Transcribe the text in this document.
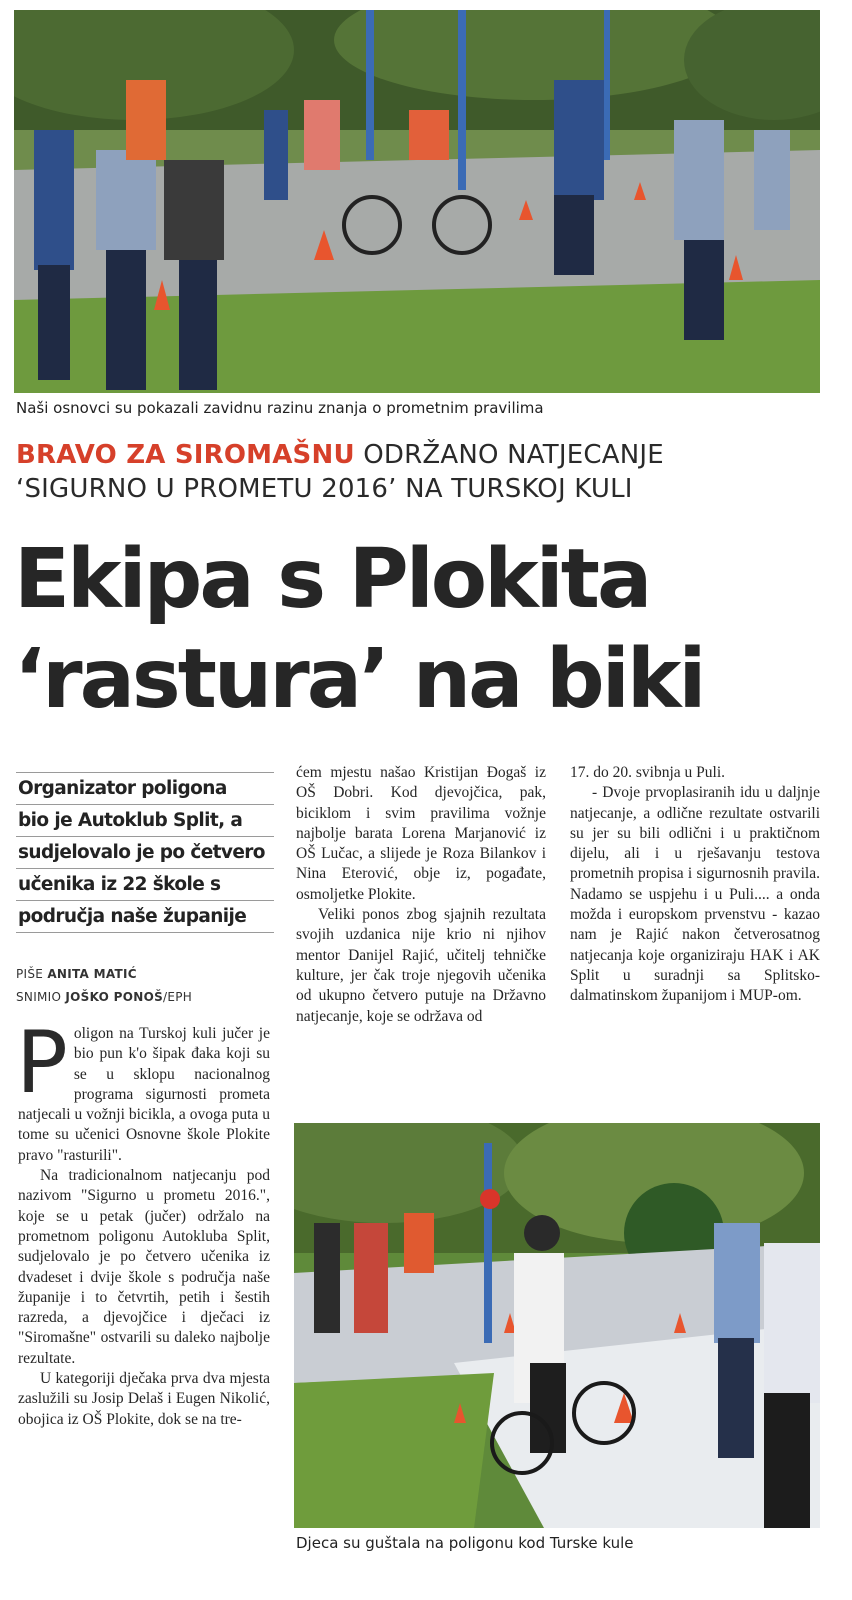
Naši osnovci su pokazali zavidnu razinu znanja o prometnim pravilima
BRAVO ZA SIROMAŠNU ODRŽANO NATJECANJE
‘SIGURNO U PROMETU 2016’ NA TURSKOJ KULI
Ekipa s Plokita
‘rastura’ na biki
Organizator poligona
bio je Autoklub Split, a
sudjelovalo je po četvero
učenika iz 22 škole s
područja naše županije
PIŠE ANITA MATIĆ
SNIMIO JOŠKO PONOŠ/EPH

Poligon na Turskoj kuli jučer je bio pun k'o šipak đaka koji su se u sklopu nacionalnog programa sigurnosti prometa natjecali u vožnji bicikla, a ovoga puta u tome su učenici Osnovne škole Plokite pravo "rasturili".

Na tradicionalnom natjecanju pod nazivom "Sigurno u prometu 2016.", koje se u petak (jučer) održalo na prometnom poligonu Autokluba Split, sudjelovalo je po četvero učenika iz dvadeset i dvije škole s područja naše županije i to četvrtih, petih i šestih razreda, a djevojčice i dječaci iz "Siromašne" ostvarili su daleko najbolje rezultate.

U kategoriji dječaka prva dva mjesta zaslužili su Josip Delaš i Eugen Nikolić, obojica iz OŠ Plokite, dok se na tre-

ćem mjestu našao Kristijan Đogaš iz OŠ Dobri. Kod djevojčica, pak, biciklom i svim pravilima vožnje najbolje barata Lorena Marjanović iz OŠ Lučac, a slijede je Roza Bilankov i Nina Eterović, obje iz, pogađate, osmoljetke Plokite.

Veliki ponos zbog sjajnih rezultata svojih uzdanica nije krio ni njihov mentor Danijel Rajić, učitelj tehničke kulture, jer čak troje njegovih učenika od ukupno četvero putuje na Državno natjecanje, koje se održava od

17. do 20. svibnja u Puli.

- Dvoje prvoplasiranih idu u daljnje natjecanje, a odlične rezultate ostvarili su jer su bili odlični i u praktičnom dijelu, ali i u rješavanju testova prometnih propisa i sigurnosnih pravila. Nadamo se uspjehu i u Puli.... a onda možda i europskom prvenstvu - kazao nam je Rajić nakon četverosatnog natjecanja koje organiziraju HAK i AK Split u suradnji sa Splitsko-dalmatinskom županijom i MUP-om.

Djeca su guštala na poligonu kod Turske kule
